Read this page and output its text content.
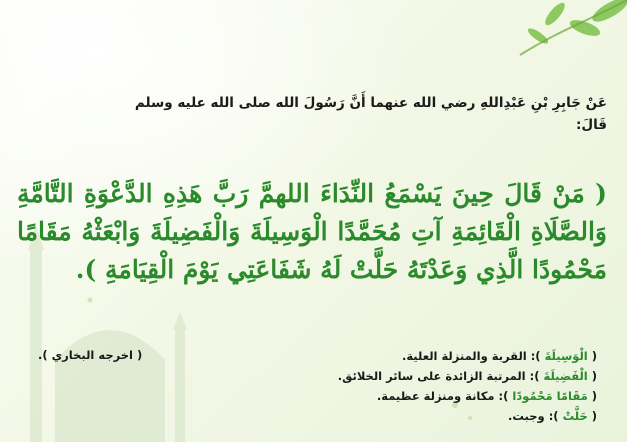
عَنْ جَابِرِ بْنِ عَبْدِاللهِ رضي الله عنهما أَنَّ رَسُولَ الله صلى الله عليه وسلم قَالَ:

( مَنْ قَالَ حِينَ يَسْمَعُ النِّدَاءَ اللهمَّ رَبَّ هَذِهِ الدَّعْوَةِ التَّامَّةِ وَالصَّلَاةِ الْقَائِمَةِ آتِ مُحَمَّدًا الْوَسِيلَةَ وَالْفَضِيلَةَ وَابْعَثْهُ مَقَامًا مَحْمُودًا الَّذِي وَعَدْتَهُ حَلَّتْ لَهُ شَفَاعَتِي يَوْمَ الْقِيَامَةِ ).

( اخرجه البخاري ).	( الْوَسِيلَةَ ): القربة والمنزلة العلية.
( الْفَضِيلَةَ ): المرتبة الزائدة على سائر الخلائق.
( مَقَامًا مَحْمُودًا ): مكانة ومنزلة عظيمة.
( حَلَّتْ ): وجبت.
